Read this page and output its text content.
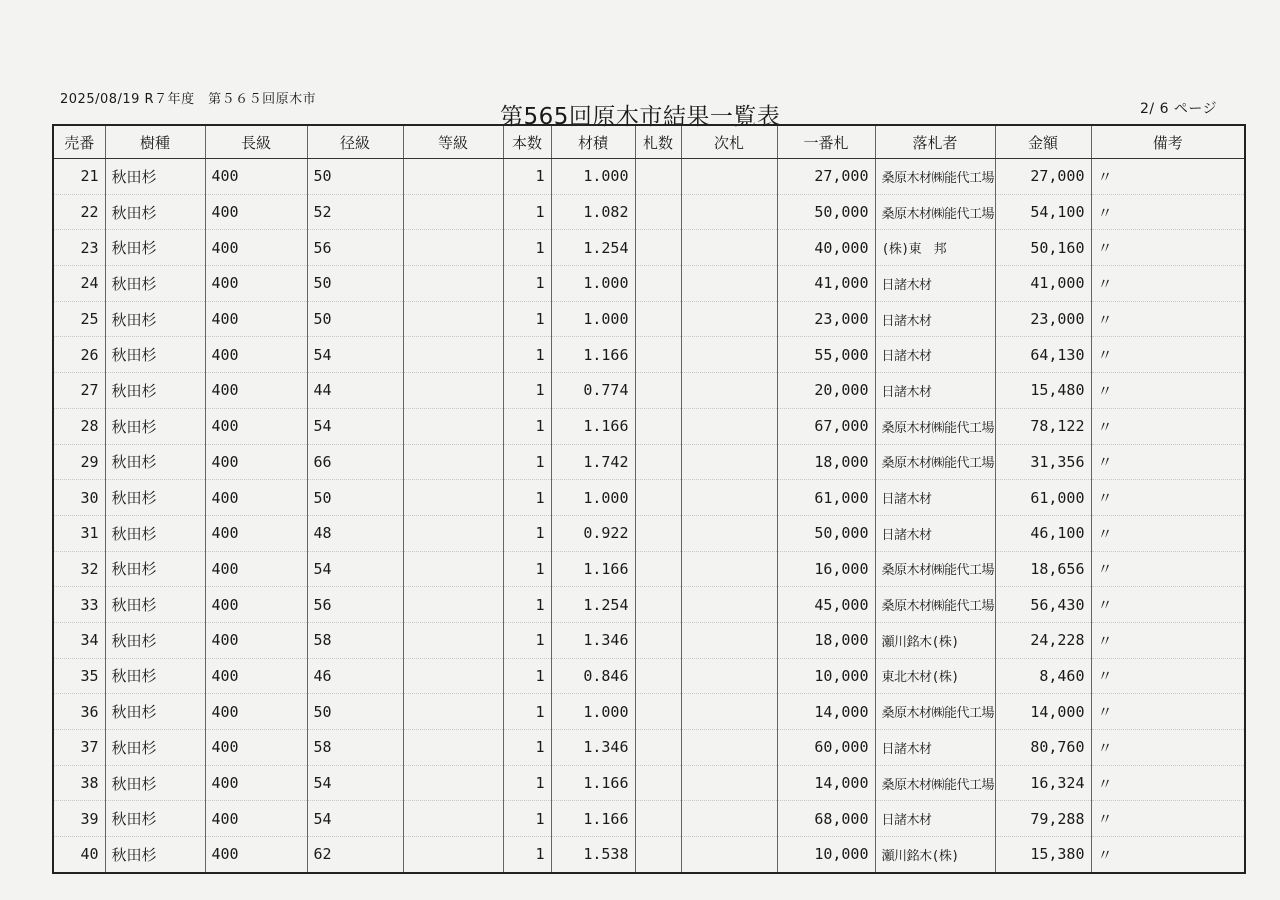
2025/08/19 R７年度　第５６５回原木市
第565回原木市結果一覧表	2/ 6 ページ
売番	樹種	長級	径級	等級	本数	材積	札数	次札	一番札	落札者	金額	備考
21	秋田杉	400	50		1	1.000			27,000	桑原木材㈱能代工場	27,000	〃
22	秋田杉	400	52		1	1.082			50,000	桑原木材㈱能代工場	54,100	〃
23	秋田杉	400	56		1	1.254			40,000	(株)東　邦	50,160	〃
24	秋田杉	400	50		1	1.000			41,000	日諸木材	41,000	〃
25	秋田杉	400	50		1	1.000			23,000	日諸木材	23,000	〃
26	秋田杉	400	54		1	1.166			55,000	日諸木材	64,130	〃
27	秋田杉	400	44		1	0.774			20,000	日諸木材	15,480	〃
28	秋田杉	400	54		1	1.166			67,000	桑原木材㈱能代工場	78,122	〃
29	秋田杉	400	66		1	1.742			18,000	桑原木材㈱能代工場	31,356	〃
30	秋田杉	400	50		1	1.000			61,000	日諸木材	61,000	〃
31	秋田杉	400	48		1	0.922			50,000	日諸木材	46,100	〃
32	秋田杉	400	54		1	1.166			16,000	桑原木材㈱能代工場	18,656	〃
33	秋田杉	400	56		1	1.254			45,000	桑原木材㈱能代工場	56,430	〃
34	秋田杉	400	58		1	1.346			18,000	瀬川銘木(株)	24,228	〃
35	秋田杉	400	46		1	0.846			10,000	東北木材(株)	8,460	〃
36	秋田杉	400	50		1	1.000			14,000	桑原木材㈱能代工場	14,000	〃
37	秋田杉	400	58		1	1.346			60,000	日諸木材	80,760	〃
38	秋田杉	400	54		1	1.166			14,000	桑原木材㈱能代工場	16,324	〃
39	秋田杉	400	54		1	1.166			68,000	日諸木材	79,288	〃
40	秋田杉	400	62		1	1.538			10,000	瀬川銘木(株)	15,380	〃
